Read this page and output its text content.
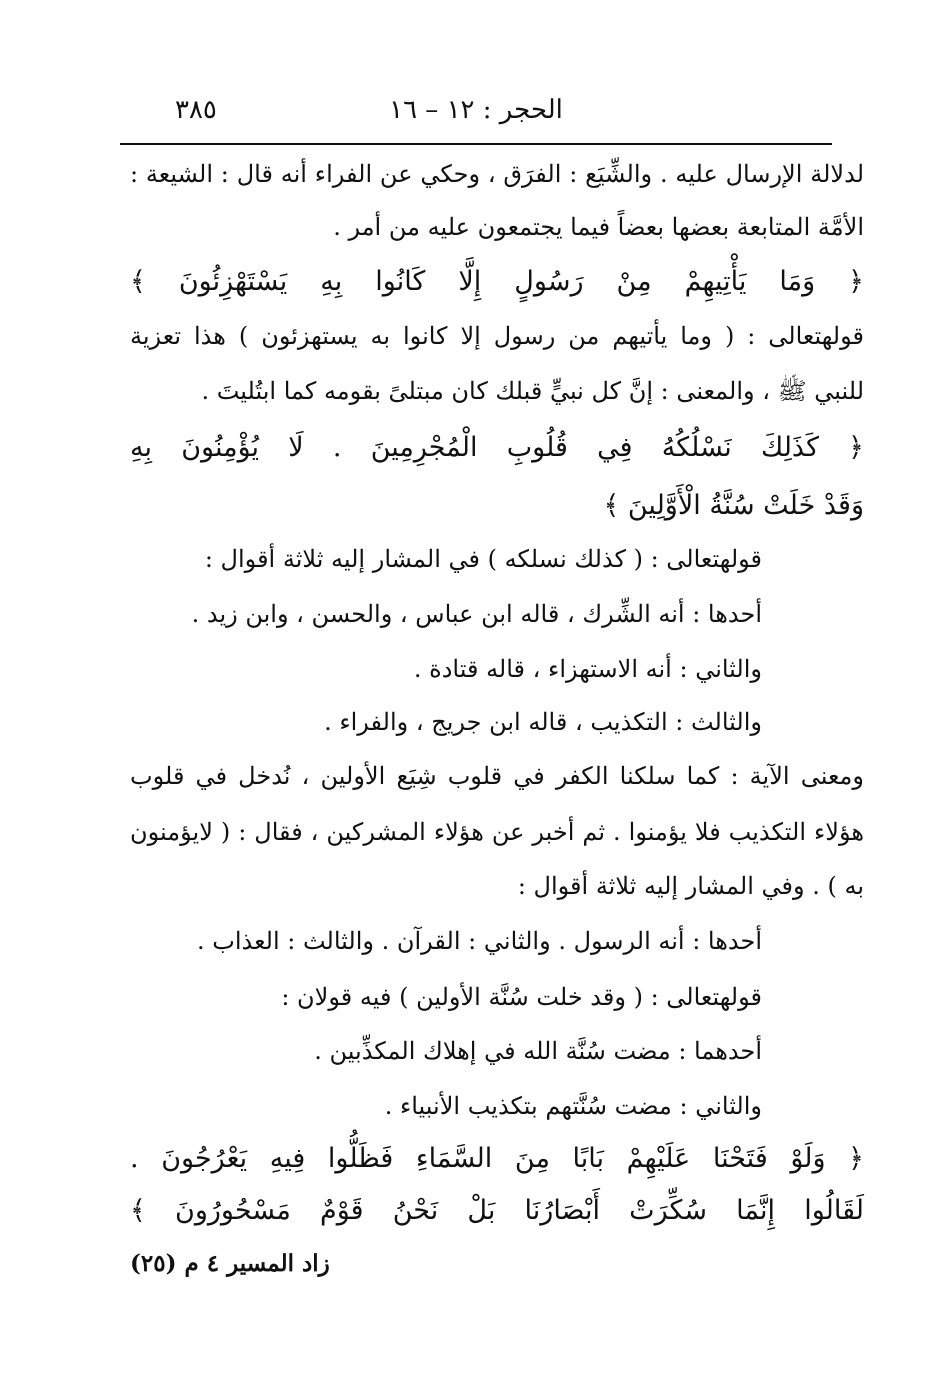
٣٨٥	الحجر : ١٢ – ١٦
لدلالة الإرسال عليه . والشِّيَع : الفرَق ، وحكي عن الفراء أنه قال : الشيعة :
الأمَّة المتابعة بعضها بعضاً فيما يجتمعون عليه من أمر .
﴿ وَمَا يَأْتِيهِمْ مِنْ رَسُولٍ إِلَّا كَانُوا بِهِ يَسْتَهْزِئُونَ ﴾
قولهتعالى : ( وما يأتيهم من رسول إلا كانوا به يستهزئون ) هذا تعزية
للنبي ﷺ ، والمعنى : إنَّ كل نبيٍّ قبلك كان مبتلىً بقومه كما ابتُليتَ .
﴿ كَذَلِكَ نَسْلُكُهُ فِي قُلُوبِ الْمُجْرِمِينَ . لَا يُؤْمِنُونَ بِهِ
وَقَدْ خَلَتْ سُنَّةُ الْأَوَّلِينَ ﴾
قولهتعالى : ( كذلك نسلكه ) في المشار إليه ثلاثة أقوال :
أحدها : أنه الشِّرك ، قاله ابن عباس ، والحسن ، وابن زيد .
والثاني : أنه الاستهزاء ، قاله قتادة .
والثالث : التكذيب ، قاله ابن جريج ، والفراء .
ومعنى الآية : كما سلكنا الكفر في قلوب شِيَع الأولين ، نُدخل في قلوب
هؤلاء التكذيب فلا يؤمنوا . ثم أخبر عن هؤلاء المشركين ، فقال : ( لايؤمنون
به ) . وفي المشار إليه ثلاثة أقوال :
أحدها : أنه الرسول . والثاني : القرآن . والثالث : العذاب .
قولهتعالى : ( وقد خلت سُنَّة الأولين ) فيه قولان :
أحدهما : مضت سُنَّة الله في إهلاك المكذِّبين .
والثاني : مضت سُنَّتهم بتكذيب الأنبياء .
﴿ وَلَوْ فَتَحْنَا عَلَيْهِمْ بَابًا مِنَ السَّمَاءِ فَظَلُّوا فِيهِ يَعْرُجُونَ .
لَقَالُوا إِنَّمَا سُكِّرَتْ أَبْصَارُنَا بَلْ نَحْنُ قَوْمٌ مَسْحُورُونَ ﴾
زاد المسير ٤ م (٢٥)
